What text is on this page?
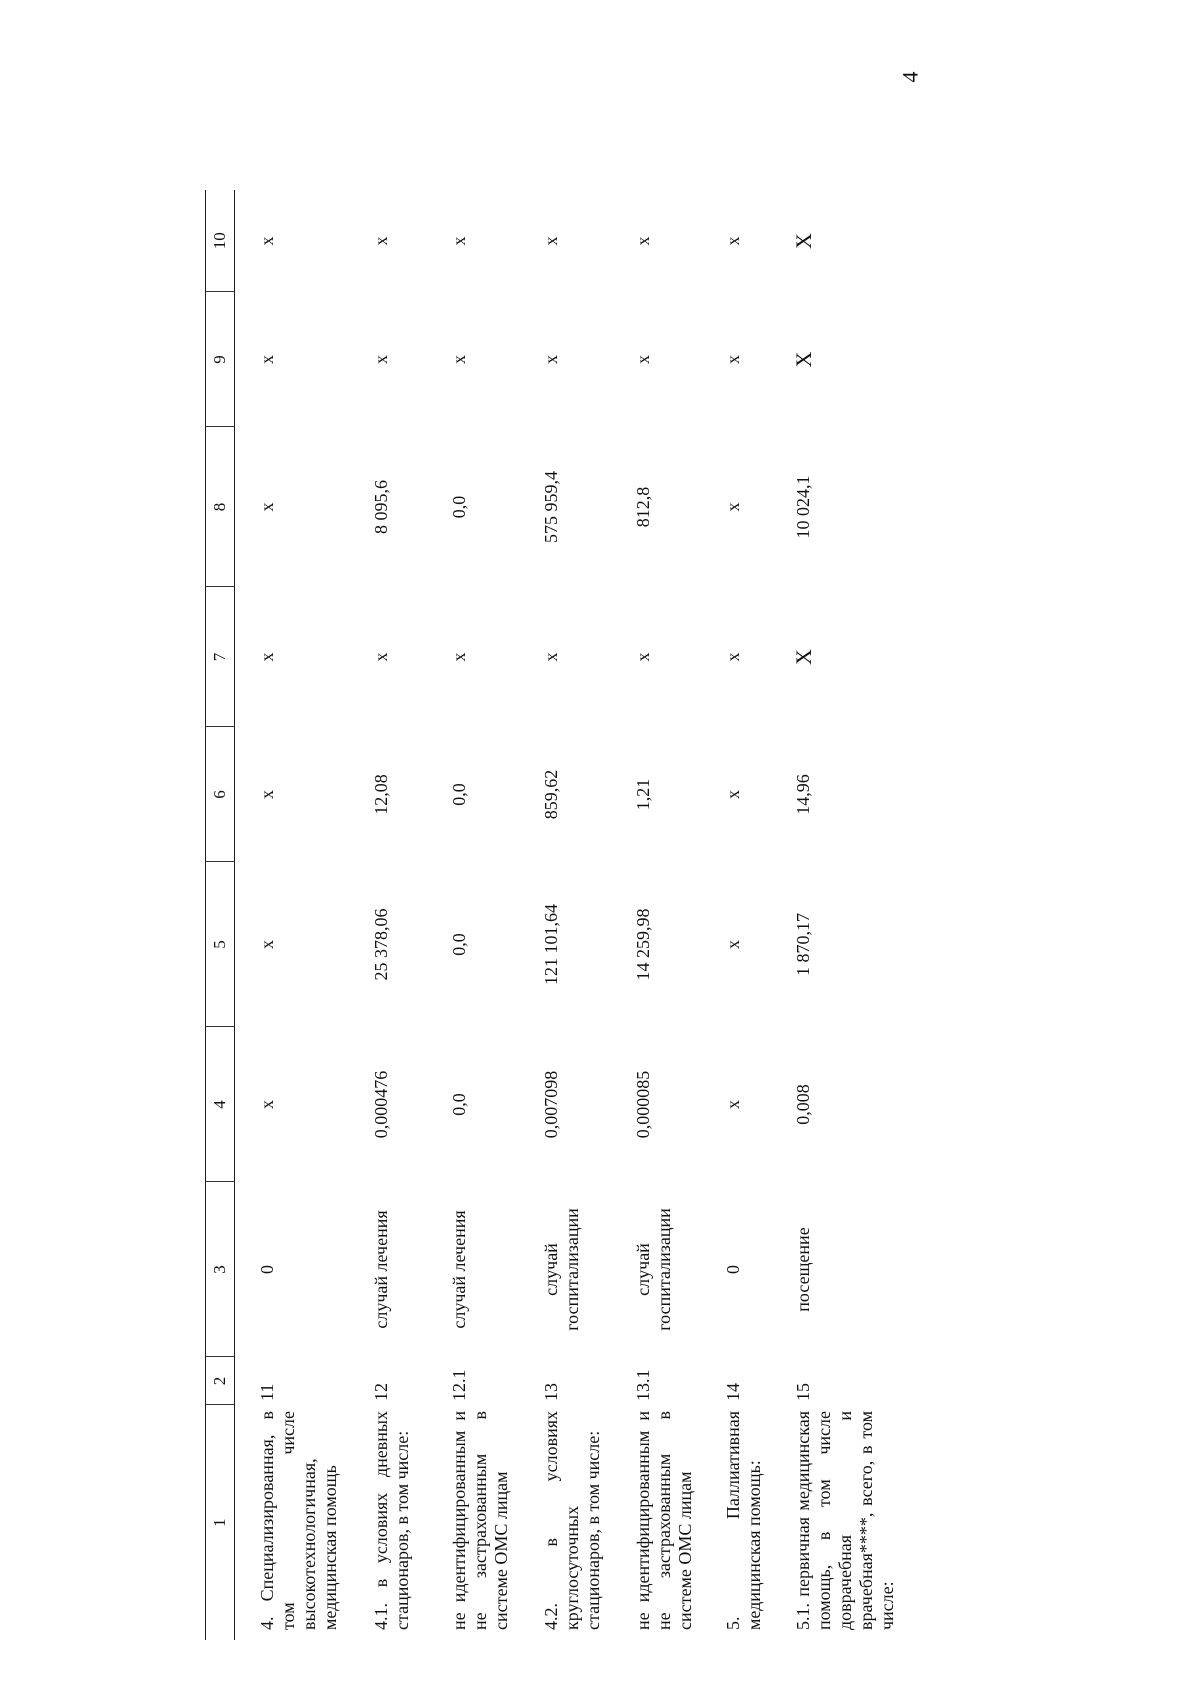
4
1	2	3	4	5	6	7	8	9	10
4. Специализированная, в том числе высокотехнологичная, медицинская помощь	11	0	x	x	x	x	x	x	x
4.1. в условиях дневных стационаров, в том числе:	12	случай лечения	0,000476	25 378,06	12,08	x	8 095,6	x	x
не идентифицированным и не застрахованным в системе ОМС лицам	12.1	случай лечения	0,0	0,0	0,0	x	0,0	x	x
4.2. в условиях круглосуточных стационаров, в том числе:	13	случай госпитализации	0,007098	121 101,64	859,62	x	575 959,4	x	x
не идентифицированным и не застрахованным в системе ОМС лицам	13.1	случай госпитализации	0,000085	14 259,98	1,21	x	812,8	x	x
5. Паллиативная медицинская помощь:	14	0	x	x	x	x	x	x	x
5.1. первичная медицинская помощь, в том числе доврачебная и врачебная****, всего, в том числе:	15	посещение	0,008	1 870,17	14,96	X	10 024,1	X	X
